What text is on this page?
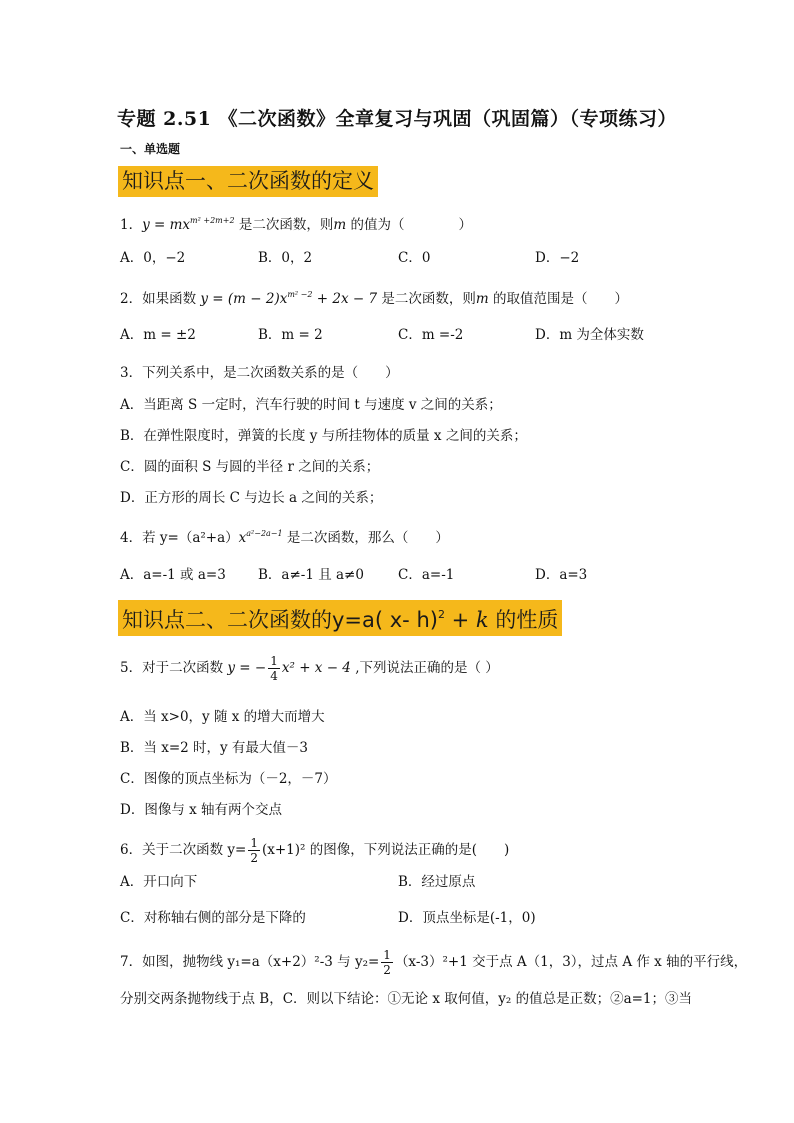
专题 2.51 《二次函数》全章复习与巩固（巩固篇）（专项练习）
一、单选题
知识点一、二次函数的定义
1．$y = mx^{m^2 +2m+2}$ 是二次函数，则m 的值为（　　　　）
A．0，−2	B．0，2	C．0	D．−2
2．如果函数 $y = (m - 2)x^{m^2 -2} + 2x - 7$ 是二次函数，则m 的取值范围是（　　）
A．m = ±2	B．m = 2	C．m =-2	D．m 为全体实数
3．下列关系中，是二次函数关系的是（　　）
A．当距离 S 一定时，汽车行驶的时间 t 与速度 v 之间的关系；
B．在弹性限度时，弹簧的长度 y 与所挂物体的质量 x 之间的关系；
C．圆的面积 S 与圆的半径 r 之间的关系；
D．正方形的周长 C 与边长 a 之间的关系；
4．若 $y=(a^2+a)x^{a^2-2a-1}$ 是二次函数，那么（　　）
A．a=-1 或 a=3 B．a≠-1 且 a≠0	C．a=-1	D．a=3
知识点二、二次函数的y=a( x- h)$^2$ + k 的性质
5．对于二次函数 y = − $\frac{1}{4} x^2 + x - 4$ ,下列说法正确的是（ ）
A．当 x>0，y 随 x 的增大而增大
B．当 x=2 时，y 有最大值－3
C．图像的顶点坐标为（－2，－7）
D．图像与 x 轴有两个交点
6．关于二次函数 $y= \frac{1}{2} (x+1)^2$ 的图像，下列说法正确的是(　　)
A．开口向下	B．经过原点
C．对称轴右侧的部分是下降的	D．顶点坐标是(-1，0)
7．如图，抛物线 y₁=a（x+2）²-3 与 $y_2= \frac{1}{2} (x-3)^2+1$ 交于点 A（1，3），过点 A 作 x 轴的平行线，
分别交两条抛物线于点 B，C．则以下结论：①无论 x 取何值，y₂ 的值总是正数；②a=1；③当
